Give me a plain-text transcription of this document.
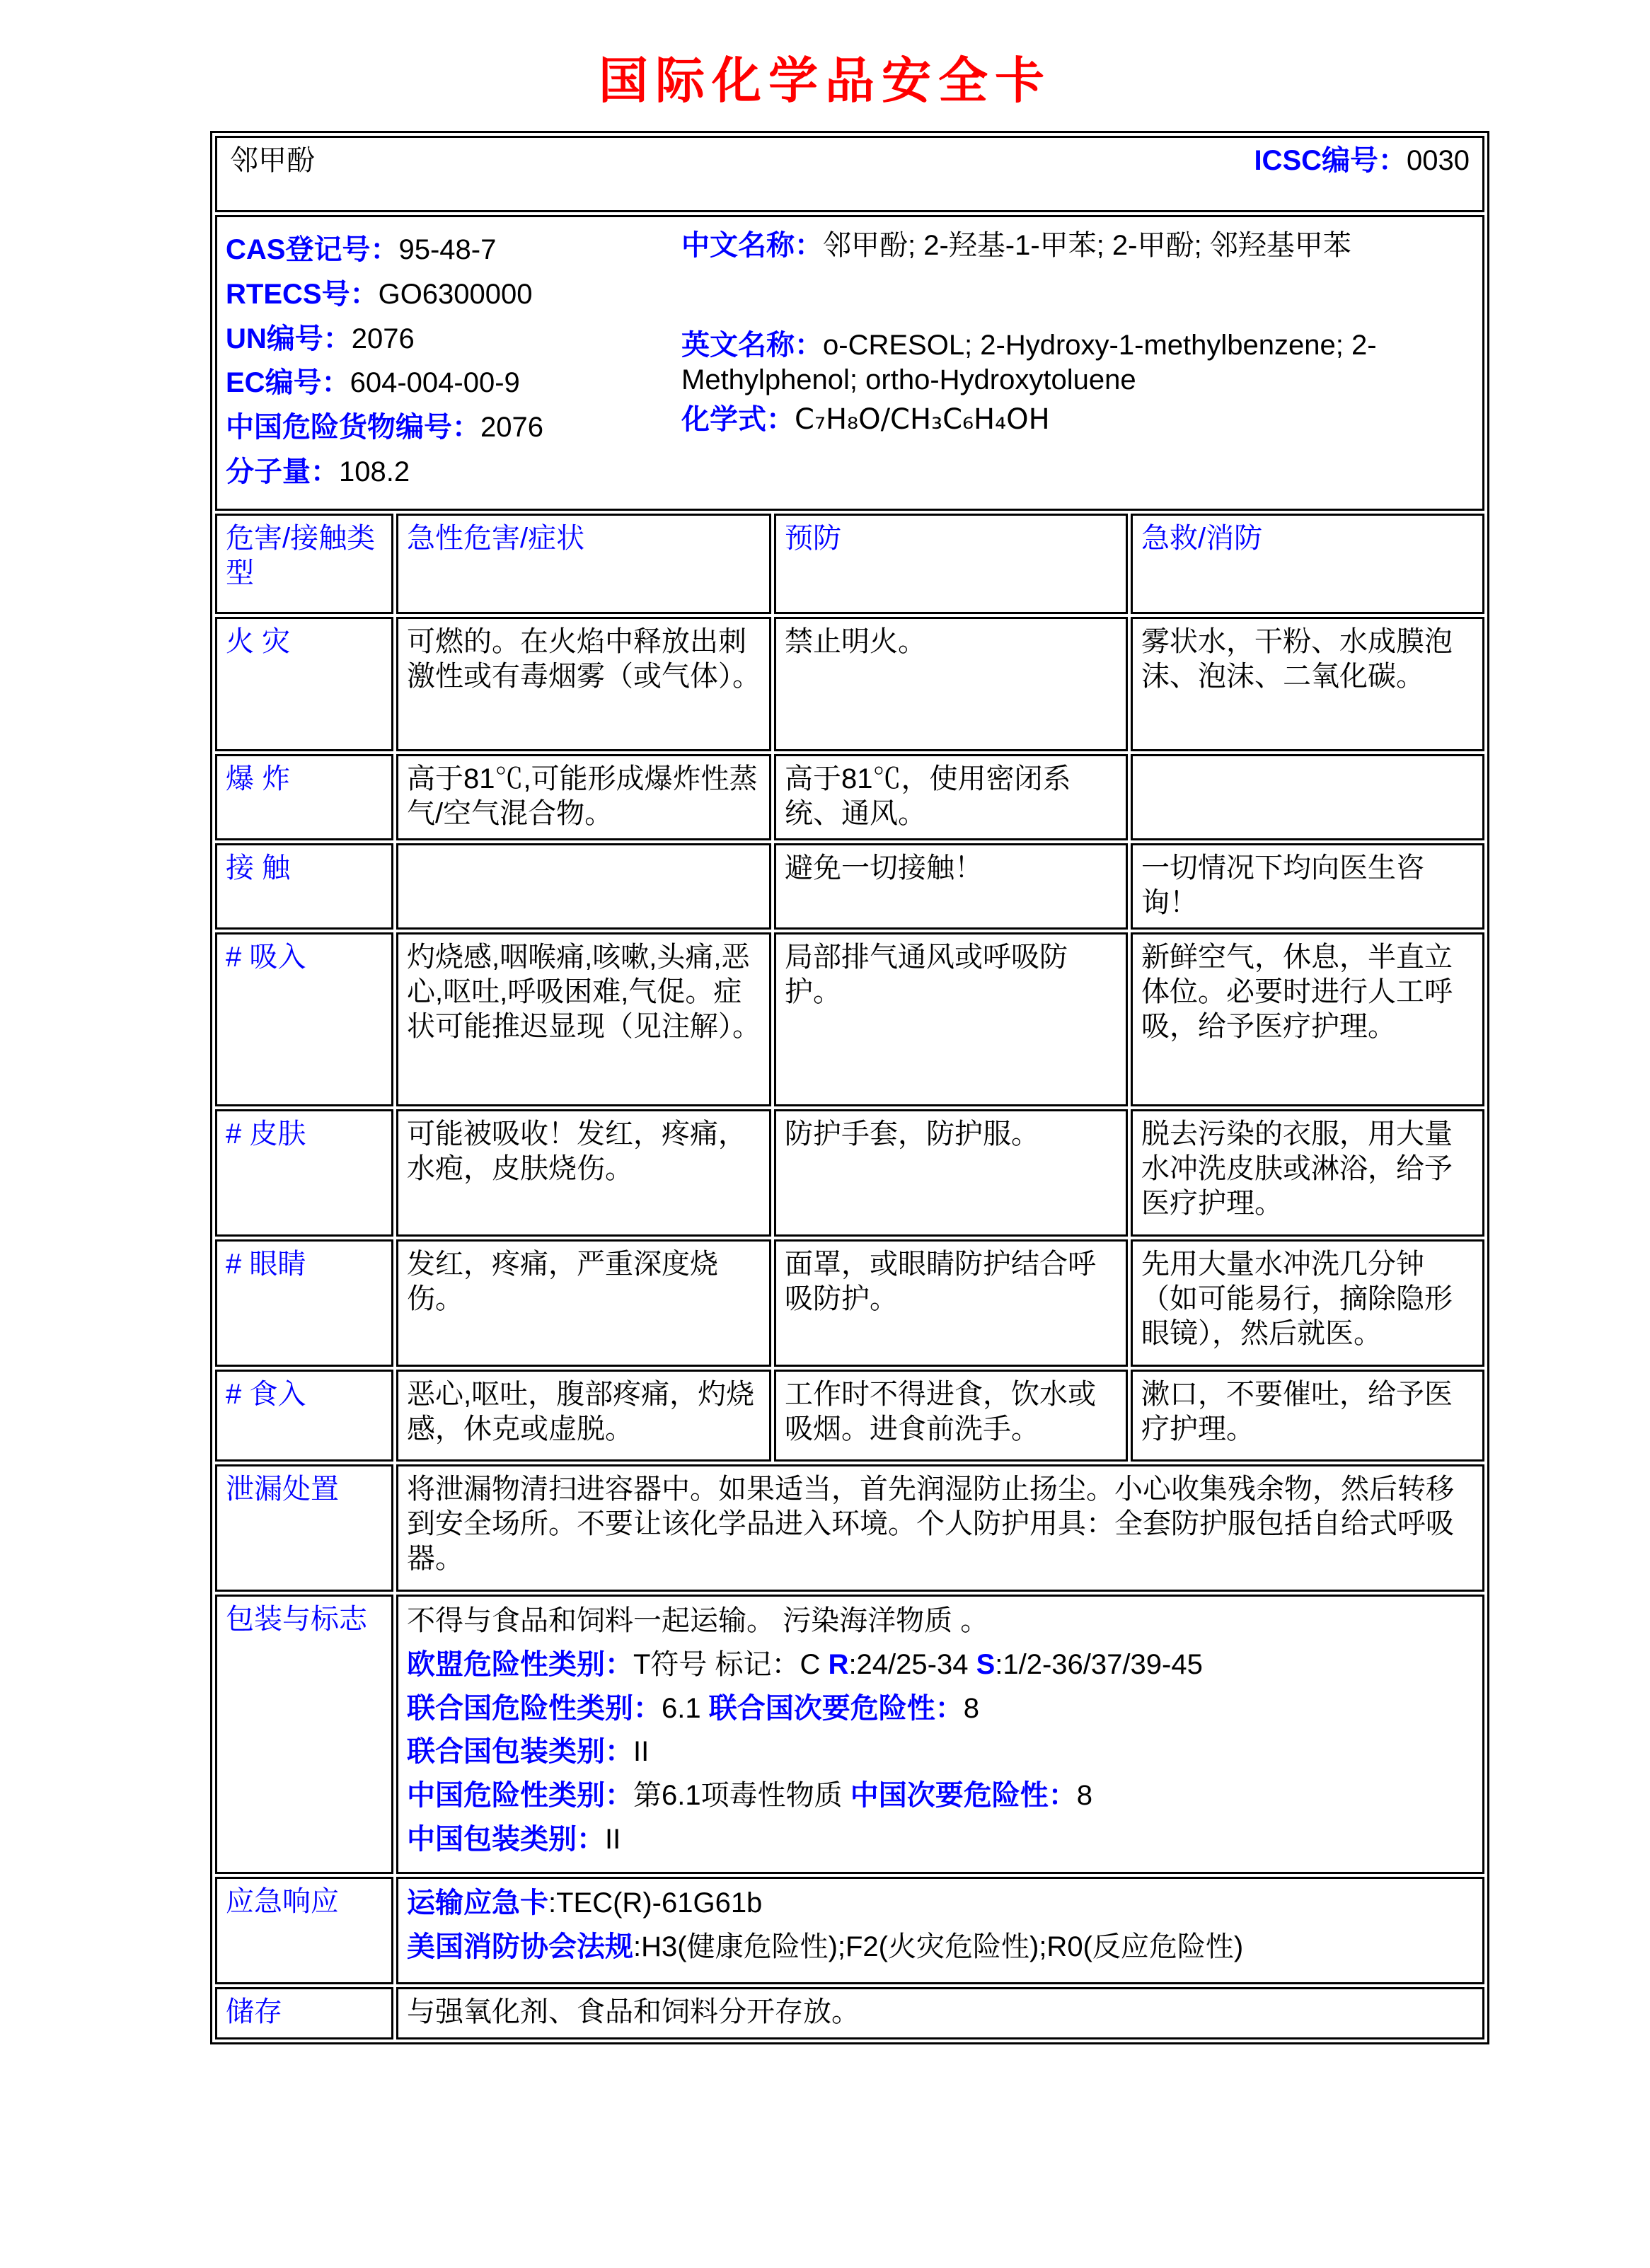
国际化学品安全卡
邻甲酚 ICSC编号：0030			

CAS登记号：95-48-7
RTECS号：GO6300000
UN编号：2076
EC编号：604-004-00-9
中国危险货物编号：2076
分子量：108.2
中文名称：邻甲酚; 2-羟基-1-甲苯; 2-甲酚; 邻羟基甲苯
英文名称：o-CRESOL; 2-Hydroxy-1-methylbenzene; 2-Methylphenol; ortho-Hydroxytoluene
化学式：C₇H₈O/CH₃C₆H₄OH

危害/接触类型	急性危害/症状	预防	急救/消防
火 灾	可燃的。在火焰中释放出刺激性或有毒烟雾（或气体）。	禁止明火。	雾状水，干粉、水成膜泡沫、泡沫、二氧化碳。
爆 炸	高于81℃,可能形成爆炸性蒸气/空气混合物。	高于81℃，使用密闭系统、通风。	
接 触		避免一切接触！	一切情况下均向医生咨询！
# 吸入	灼烧感,咽喉痛,咳嗽,头痛,恶心,呕吐,呼吸困难,气促。症状可能推迟显现（见注解）。	局部排气通风或呼吸防护。	新鲜空气，休息，半直立体位。必要时进行人工呼吸，给予医疗护理。
# 皮肤	可能被吸收！发红，疼痛，水疱，皮肤烧伤。	防护手套，防护服。	脱去污染的衣服，用大量水冲洗皮肤或淋浴，给予医疗护理。
# 眼睛	发红，疼痛，严重深度烧伤。	面罩，或眼睛防护结合呼吸防护。	先用大量水冲洗几分钟（如可能易行，摘除隐形眼镜），然后就医。
# 食入	恶心,呕吐，腹部疼痛，灼烧感，休克或虚脱。	工作时不得进食，饮水或吸烟。进食前洗手。	漱口，不要催吐，给予医疗护理。
泄漏处置	将泄漏物清扫进容器中。如果适当，首先润湿防止扬尘。小心收集残余物，然后转移到安全场所。不要让该化学品进入环境。个人防护用具：全套防护服包括自给式呼吸器。		
包装与标志	不得与食品和饲料一起运输。 污染海洋物质 。
欧盟危险性类别：T符号 标记：C R:24/25-34 S:1/2-36/37/39-45
联合国危险性类别：6.1 联合国次要危险性：8
联合国包装类别：II
中国危险性类别：第6.1项毒性物质 中国次要危险性：8
中国包装类别：II

应急响应	运输应急卡:TEC(R)-61G61b
美国消防协会法规:H3(健康危险性);F2(火灾危险性);R0(反应危险性)		

储存	与强氧化剂、食品和饲料分开存放。		
